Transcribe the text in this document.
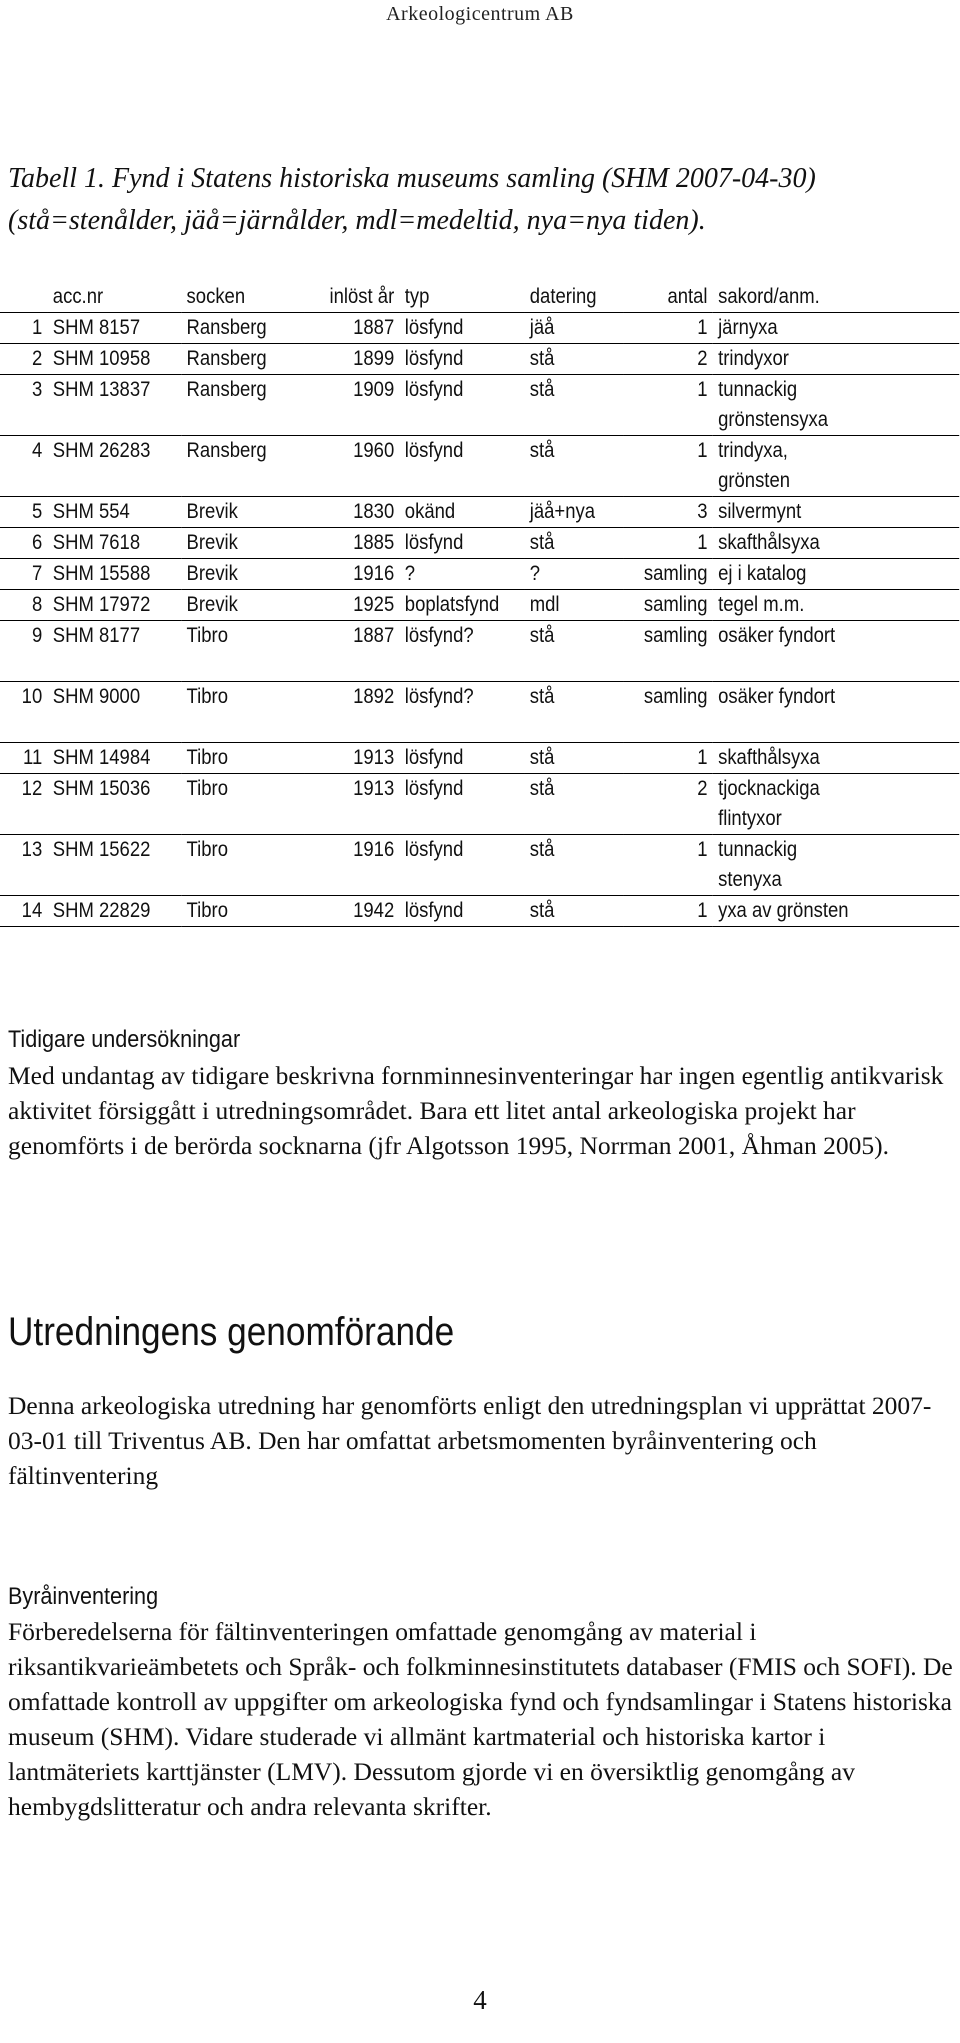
Arkeologicentrum AB
Tabell 1. Fynd i Statens historiska museums samling (SHM 2007-04-30)
(stå=stenålder, jäå=järnålder, mdl=medeltid, nya=nya tiden).
	acc.nr	socken	inlöst år	typ	datering	antal	sakord/anm.
1	SHM 8157	Ransberg	1887	lösfynd	jäå	1	järnyxa

2	SHM 10958	Ransberg	1899	lösfynd	stå	2	trindyxor

3	SHM 13837	Ransberg	1909	lösfynd	stå	1	tunnackig
grönstensyxa

4	SHM 26283	Ransberg	1960	lösfynd	stå	1	trindyxa,
grönsten

5	SHM 554	Brevik	1830	okänd	jäå+nya	3	silvermynt

6	SHM 7618	Brevik	1885	lösfynd	stå	1	skafthålsyxa

7	SHM 15588	Brevik	1916	?	?	samling	ej i katalog

8	SHM 17972	Brevik	1925	boplatsfynd	mdl	samling	tegel m.m.

9	SHM 8177	Tibro	1887	lösfynd?	stå	samling	osäker fyndort

10	SHM 9000	Tibro	1892	lösfynd?	stå	samling	osäker fyndort

11	SHM 14984	Tibro	1913	lösfynd	stå	1	skafthålsyxa

12	SHM 15036	Tibro	1913	lösfynd	stå	2	tjocknackiga
flintyxor

13	SHM 15622	Tibro	1916	lösfynd	stå	1	tunnackig
stenyxa

14	SHM 22829	Tibro	1942	lösfynd	stå	1	yxa av grönsten
Tidigare undersökningar
Med undantag av tidigare beskrivna fornminnesinventeringar har ingen egentlig antikvarisk aktivitet försiggått i utredningsområdet. Bara ett litet antal arkeologiska projekt har genomförts i de berörda socknarna (jfr Algotsson 1995, Norrman 2001, Åhman 2005).
Utredningens genomförande
Denna arkeologiska utredning har genomförts enligt den utredningsplan vi upprättat 2007-03-01 till Triventus AB. Den har omfattat arbetsmomenten byråinventering och fältinventering
Byråinventering
Förberedelserna för fältinventeringen omfattade genomgång av material i riksantikvarieämbetets och Språk- och folkminnesinstitutets databaser (FMIS och SOFI). De omfattade kontroll av uppgifter om arkeologiska fynd och fyndsamlingar i Statens historiska museum (SHM). Vidare studerade vi allmänt kartmaterial och historiska kartor i lantmäteriets karttjänster (LMV). Dessutom gjorde vi en översiktlig genomgång av hembygdslitteratur och andra relevanta skrifter.
4
